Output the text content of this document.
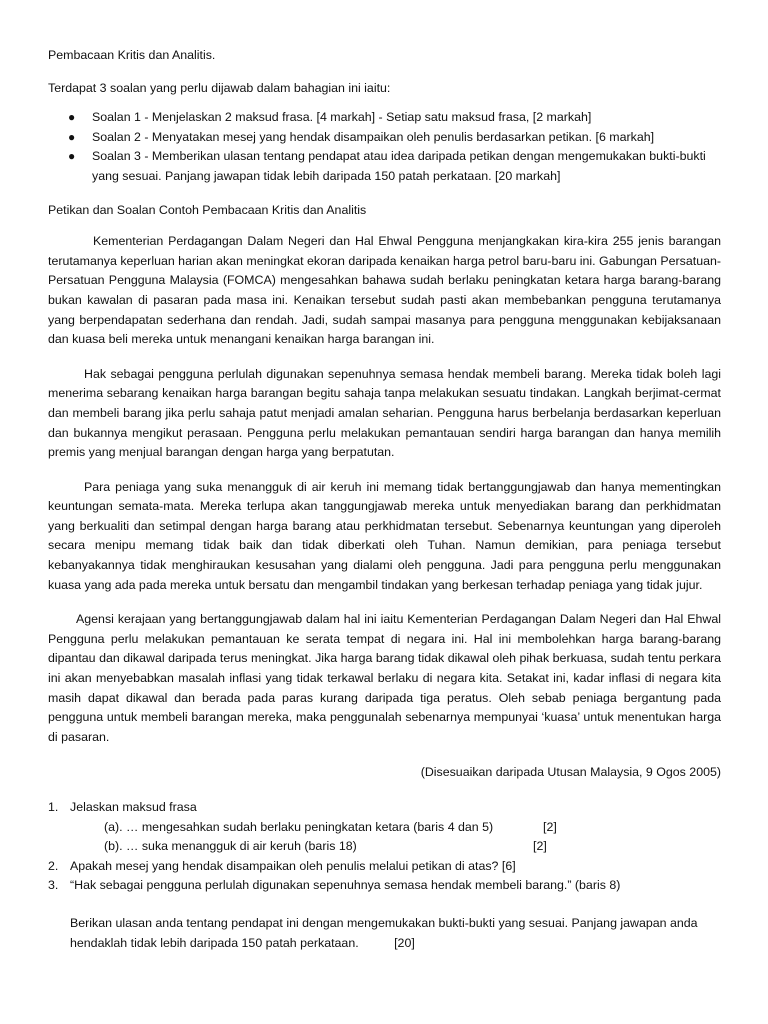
Pembacaan Kritis dan Analitis.

Terdapat 3 soalan yang perlu dijawab dalam bahagian ini iaitu:

● Soalan 1 - Menjelaskan 2 maksud frasa. [4 markah] - Setiap satu maksud frasa, [2 markah]
● Soalan 2 - Menyatakan mesej yang hendak disampaikan oleh penulis berdasarkan petikan. [6 markah]
● Soalan 3 - Memberikan ulasan tentang pendapat atau idea daripada petikan dengan mengemukakan bukti-bukti yang sesuai. Panjang jawapan tidak lebih daripada 150 patah perkataan. [20 markah]

Petikan dan Soalan Contoh Pembacaan Kritis dan Analitis

Kementerian Perdagangan Dalam Negeri dan Hal Ehwal Pengguna menjangkakan kira-kira 255 jenis barangan terutamanya keperluan harian akan meningkat ekoran daripada kenaikan harga petrol baru-baru ini. Gabungan Persatuan-Persatuan Pengguna Malaysia (FOMCA) mengesahkan bahawa sudah berlaku peningkatan ketara harga barang-barang bukan kawalan di pasaran pada masa ini. Kenaikan tersebut sudah pasti akan membebankan pengguna terutamanya yang berpendapatan sederhana dan rendah. Jadi, sudah sampai masanya para pengguna menggunakan kebijaksanaan dan kuasa beli mereka untuk menangani kenaikan harga barangan ini.

Hak sebagai pengguna perlulah digunakan sepenuhnya semasa hendak membeli barang. Mereka tidak boleh lagi menerima sebarang kenaikan harga barangan begitu sahaja tanpa melakukan sesuatu tindakan. Langkah berjimat-cermat dan membeli barang jika perlu sahaja patut menjadi amalan seharian. Pengguna harus berbelanja berdasarkan keperluan dan bukannya mengikut perasaan. Pengguna perlu melakukan pemantauan sendiri harga barangan dan hanya memilih premis yang menjual barangan dengan harga yang berpatutan.

Para peniaga yang suka menangguk di air keruh ini memang tidak bertanggungjawab dan hanya mementingkan keuntungan semata-mata. Mereka terlupa akan tanggungjawab mereka untuk menyediakan barang dan perkhidmatan yang berkualiti dan setimpal dengan harga barang atau perkhidmatan tersebut. Sebenarnya keuntungan yang diperoleh secara menipu memang tidak baik dan tidak diberkati oleh Tuhan. Namun demikian, para peniaga tersebut kebanyakannya tidak menghiraukan kesusahan yang dialami oleh pengguna. Jadi para pengguna perlu menggunakan kuasa yang ada pada mereka untuk bersatu dan mengambil tindakan yang berkesan terhadap peniaga yang tidak jujur.

Agensi kerajaan yang bertanggungjawab dalam hal ini iaitu Kementerian Perdagangan Dalam Negeri dan Hal Ehwal Pengguna perlu melakukan pemantauan ke serata tempat di negara ini. Hal ini membolehkan harga barang-barang dipantau dan dikawal daripada terus meningkat. Jika harga barang tidak dikawal oleh pihak berkuasa, sudah tentu perkara ini akan menyebabkan masalah inflasi yang tidak terkawal berlaku di negara kita. Setakat ini, kadar inflasi di negara kita masih dapat dikawal dan berada pada paras kurang daripada tiga peratus. Oleh sebab peniaga bergantung pada pengguna untuk membeli barangan mereka, maka penggunalah sebenarnya mempunyai ‘kuasa’ untuk menentukan harga di pasaran.

(Disesuaikan daripada Utusan Malaysia, 9 Ogos 2005)

1. Jelaskan maksud frasa
(a). … mengesahkan sudah berlaku peningkatan ketara (baris 4 dan 5)	[2]
(b). … suka menangguk di air keruh (baris 18)	[2]
2. Apakah mesej yang hendak disampaikan oleh penulis melalui petikan di atas? [6]
3. “Hak sebagai pengguna perlulah digunakan sepenuhnya semasa hendak membeli barang.” (baris 8)

Berikan ulasan anda tentang pendapat ini dengan mengemukakan bukti-bukti yang sesuai. Panjang jawapan anda hendaklah tidak lebih daripada 150 patah perkataan.	[20]
